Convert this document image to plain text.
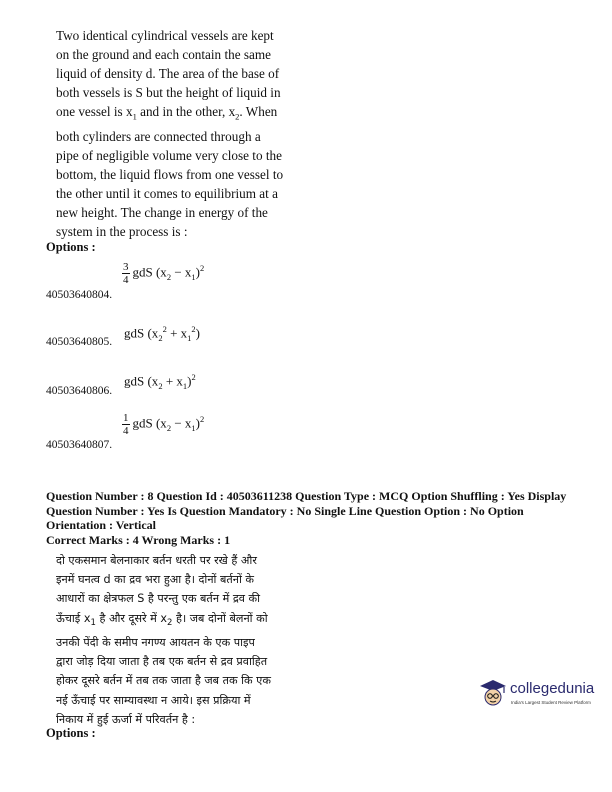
Two identical cylindrical vessels are kept
on the ground and each contain the same
liquid of density d. The area of the base of
both vessels is S but the height of liquid in
one vessel is $x_1$ and in the other, $x_2$. When
both cylinders are connected through a
pipe of negligible volume very close to the
bottom, the liquid flows from one vessel to
the other until it comes to equilibrium at a
new height. The change in energy of the
system in the process is :
Options :
$\frac{3}{4}$ gdS $(x_2 - x_1)^2$
40503640804.
gdS $(x_2^2 + x_1^2)$
40503640805.
gdS $(x_2 + x_1)^2$
40503640806.
$\frac{1}{4}$ gdS $(x_2 - x_1)^2$
40503640807.
Question Number : 8 Question Id : 40503611238 Question Type : MCQ Option Shuffling : Yes Display
Question Number : Yes Is Question Mandatory : No Single Line Question Option : No Option
Orientation : Vertical
Correct Marks : 4 Wrong Marks : 1
दो एकसमान बेलनाकार बर्तन धरती पर रखे हैं और
इनमें घनत्व d का द्रव भरा हुआ है। दोनों बर्तनों के
आधारों का क्षेत्रफल S है परन्तु एक बर्तन में द्रव की
ऊँचाई $x_1$ है और दूसरे में $x_2$ है। जब दोनों बेलनों को
उनकी पेंदी के समीप नगण्य आयतन के एक पाइप
द्वारा जोड़ दिया जाता है तब एक बर्तन से द्रव प्रवाहित
होकर दूसरे बर्तन में तब तक जाता है जब तक कि एक
नई ऊँचाई पर साम्यावस्था न आये। इस प्रक्रिया में
निकाय में हुई ऊर्जा में परिवर्तन है :
Options :
collegedunia
India's Largest Student Review Platform
